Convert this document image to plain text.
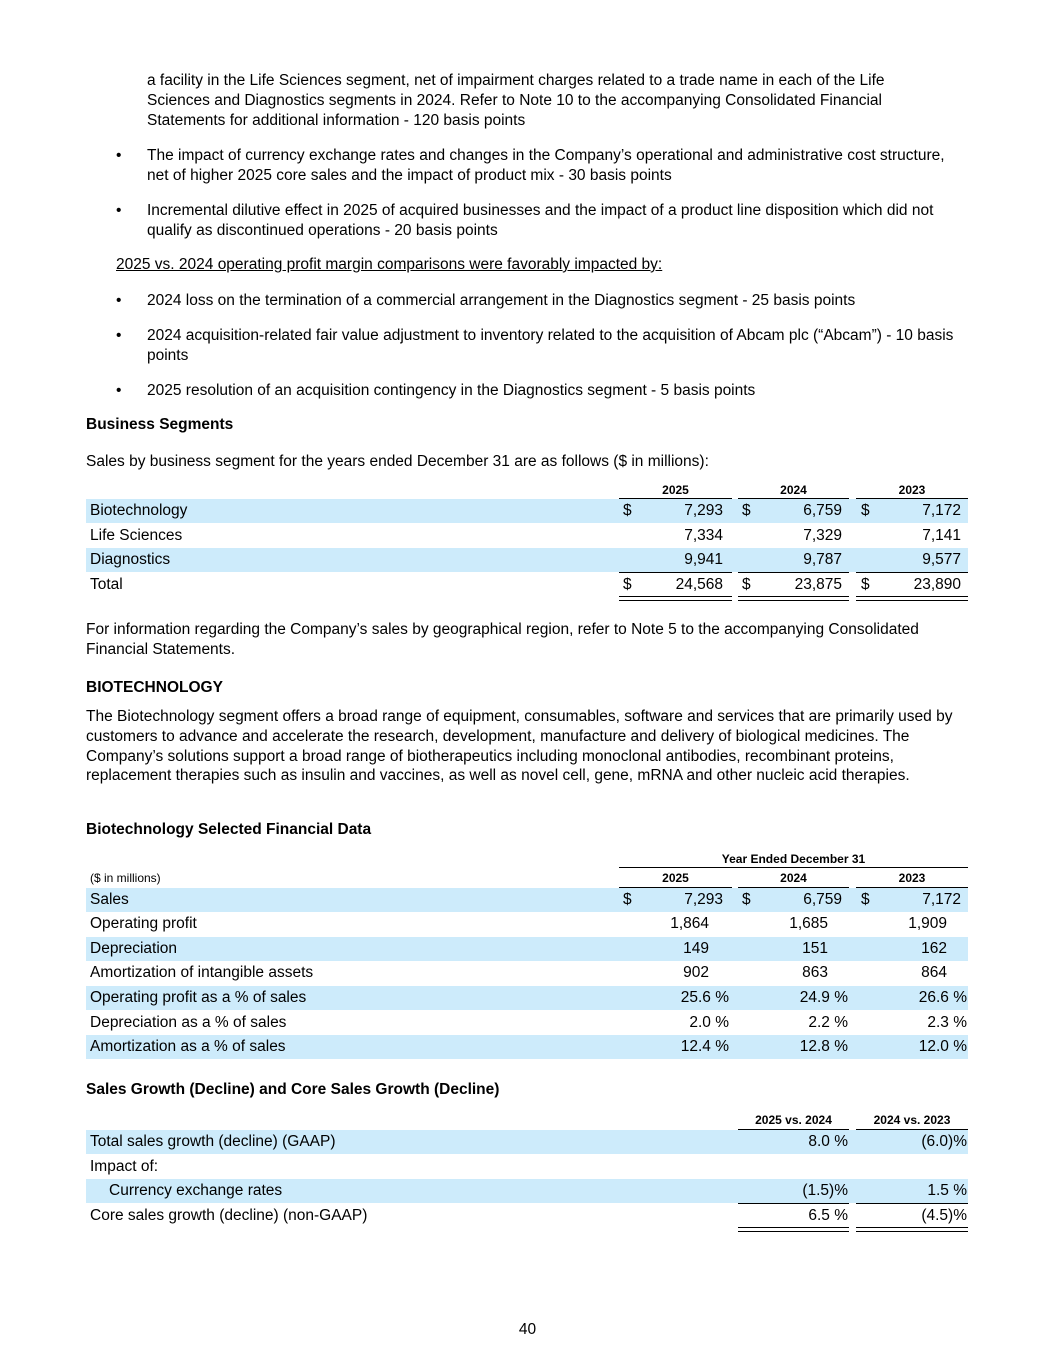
a facility in the Life Sciences segment, net of impairment charges related to a trade name in each of the Life Sciences and Diagnostics segments in 2024. Refer to Note 10 to the accompanying Consolidated Financial Statements for additional information - 120 basis points
• The impact of currency exchange rates and changes in the Company’s operational and administrative cost structure, net of higher 2025 core sales and the impact of product mix - 30 basis points
• Incremental dilutive effect in 2025 of acquired businesses and the impact of a product line disposition which did not qualify as discontinued operations - 20 basis points
2025 vs. 2024 operating profit margin comparisons were favorably impacted by:
• 2024 loss on the termination of a commercial arrangement in the Diagnostics segment - 25 basis points
• 2024 acquisition-related fair value adjustment to inventory related to the acquisition of Abcam plc (“Abcam”) - 10 basis points
• 2025 resolution of an acquisition contingency in the Diagnostics segment - 5 basis points
Business Segments
Sales by business segment for the years ended December 31 are as follows ($ in millions):
2025	2024	2023
Biotechnology	$	7,293 $	6,759 $	7,172
Life Sciences	7,334	7,329	7,141
Diagnostics	9,941	9,787	9,577
Total	$	24,568 $	23,875 $	23,890
For information regarding the Company’s sales by geographical region, refer to Note 5 to the accompanying Consolidated Financial Statements.
BIOTECHNOLOGY
The Biotechnology segment offers a broad range of equipment, consumables, software and services that are primarily used by customers to advance and accelerate the research, development, manufacture and delivery of biological medicines. The Company’s solutions support a broad range of biotherapeutics including monoclonal antibodies, recombinant proteins, replacement therapies such as insulin and vaccines, as well as novel cell, gene, mRNA and other nucleic acid therapies.
Biotechnology Selected Financial Data
Year Ended December 31
($ in millions)	2025	2024	2023
Sales	$	7,293 $	6,759 $	7,172
Operating profit	1,864	1,685	1,909
Depreciation	149	151	162
Amortization of intangible assets	902	863	864
Operating profit as a % of sales	25.6 %	24.9 %	26.6 %
Depreciation as a % of sales	2.0 %	2.2 %	2.3 %
Amortization as a % of sales	12.4 %	12.8 %	12.0 %
Sales Growth (Decline) and Core Sales Growth (Decline)
2025 vs. 2024	2024 vs. 2023
Total sales growth (decline) (GAAP)	8.0 %	(6.0)%
Impact of:
Currency exchange rates	(1.5)%	1.5 %
Core sales growth (decline) (non-GAAP)	6.5 %	(4.5)%
40
